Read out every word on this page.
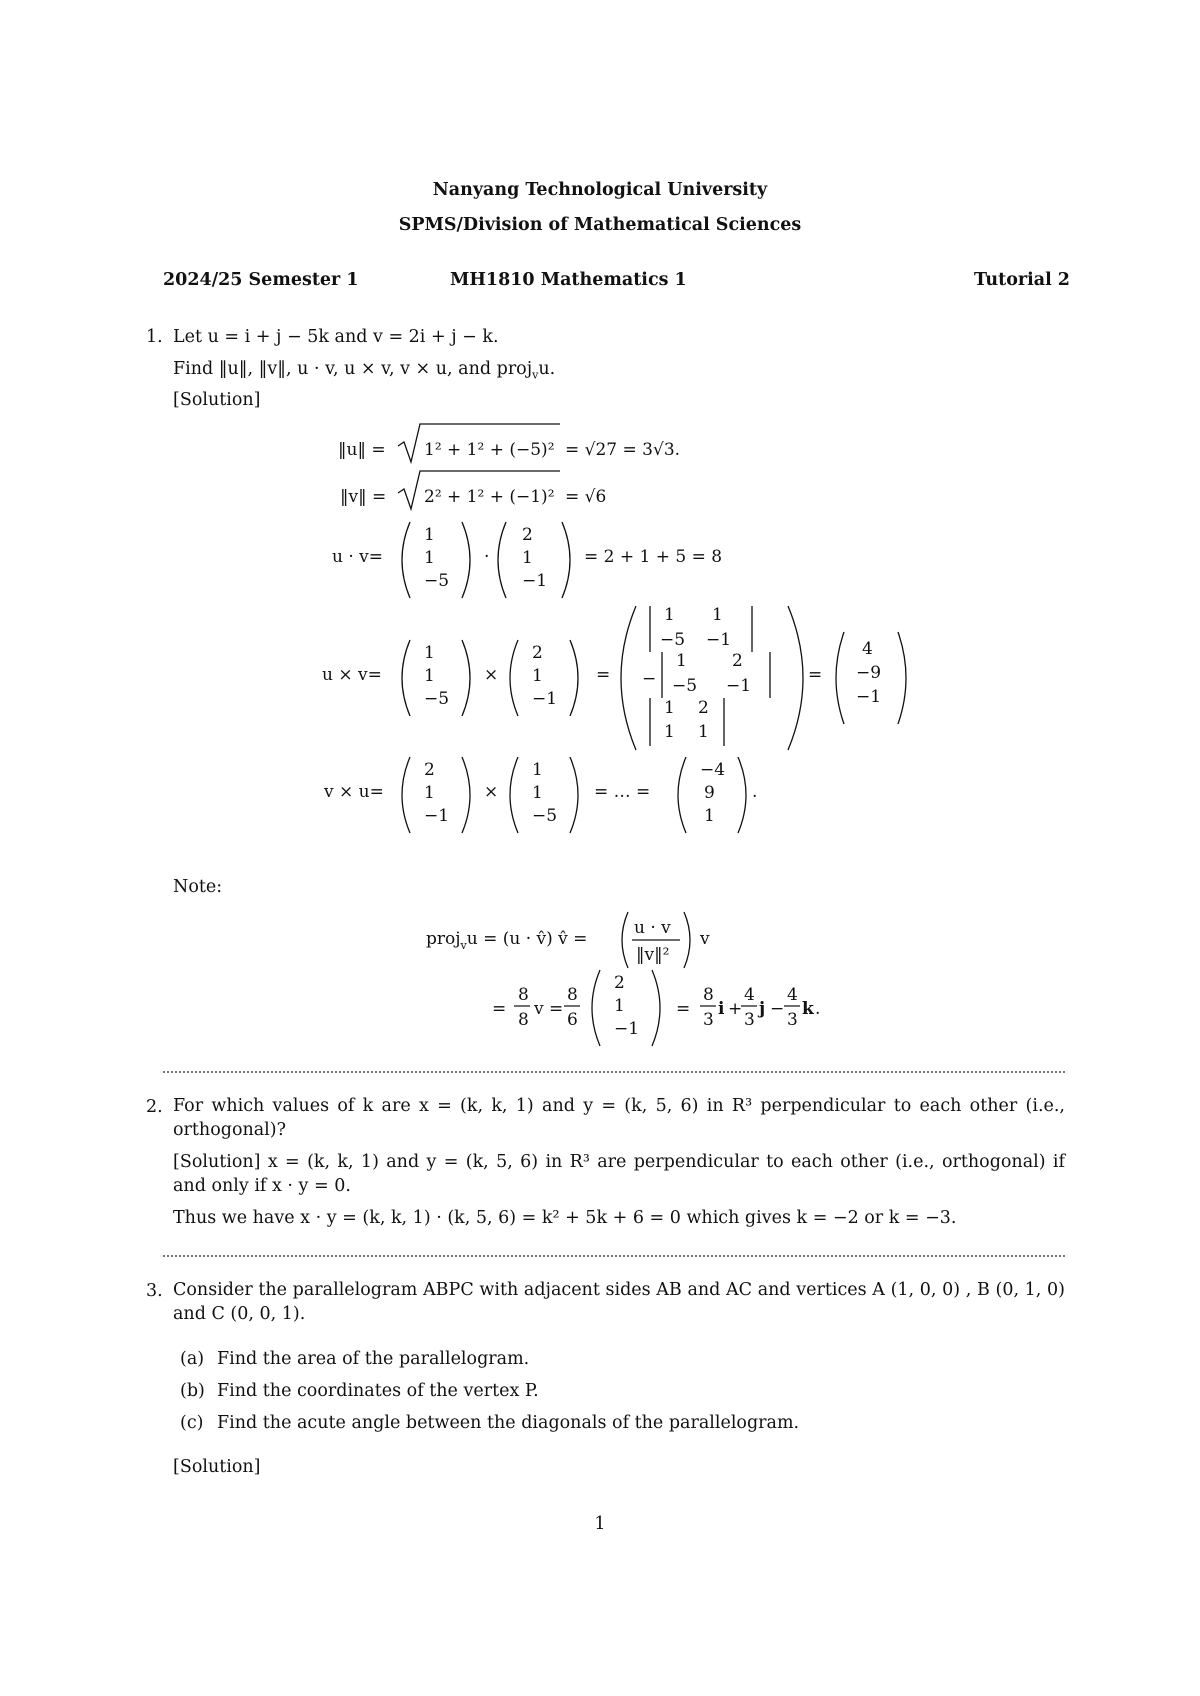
Nanyang Technological University
SPMS/Division of Mathematical Sciences
2024/25 Semester 1	MH1810 Mathematics 1	Tutorial 2
1. Let u = i + j − 5k and v = 2i + j − k.
Find ‖u‖, ‖v‖, u · v, u × v, v × u, and proj$_v$u.
[Solution]
‖u‖ = 1² + 1² + (−5)² = √27 = 3√3.
‖v‖ = 2² + 1² + (−1)² = √6
u · v=
1
1
−5
·
2
1
−1
= 2 + 1 + 5 = 8
u × v=
1
1
−5
×
2
1
−1
=
1 1
−5 −1
−
1	2
−5 −1
1 2
1 1
=
4
−9
−1
v × u=
2
1
−1
×
1
1
−5
= … =
−4
9
1
.
proj$_v$u = (u · v̂) v̂ =
u · v
‖v‖²
v
=
8
8
v =
8
6
2
1
−1
=
8
3
i +
4
3
j −
4
3
k .
Note:
2. For which values of k are x = (k, k, 1) and y = (k, 5, 6) in R³ perpendicular to each other (i.e., orthogonal)?
[Solution] x = (k, k, 1) and y = (k, 5, 6) in R³ are perpendicular to each other (i.e., orthogonal) if and only if x · y = 0.
Thus we have x · y = (k, k, 1) · (k, 5, 6) = k² + 5k + 6 = 0 which gives k = −2 or k = −3.
3. Consider the parallelogram ABPC with adjacent sides AB and AC and vertices A (1, 0, 0) , B (0, 1, 0) and C (0, 0, 1).
(a) Find the area of the parallelogram.
(b) Find the coordinates of the vertex P.
(c) Find the acute angle between the diagonals of the parallelogram.
[Solution]
1
